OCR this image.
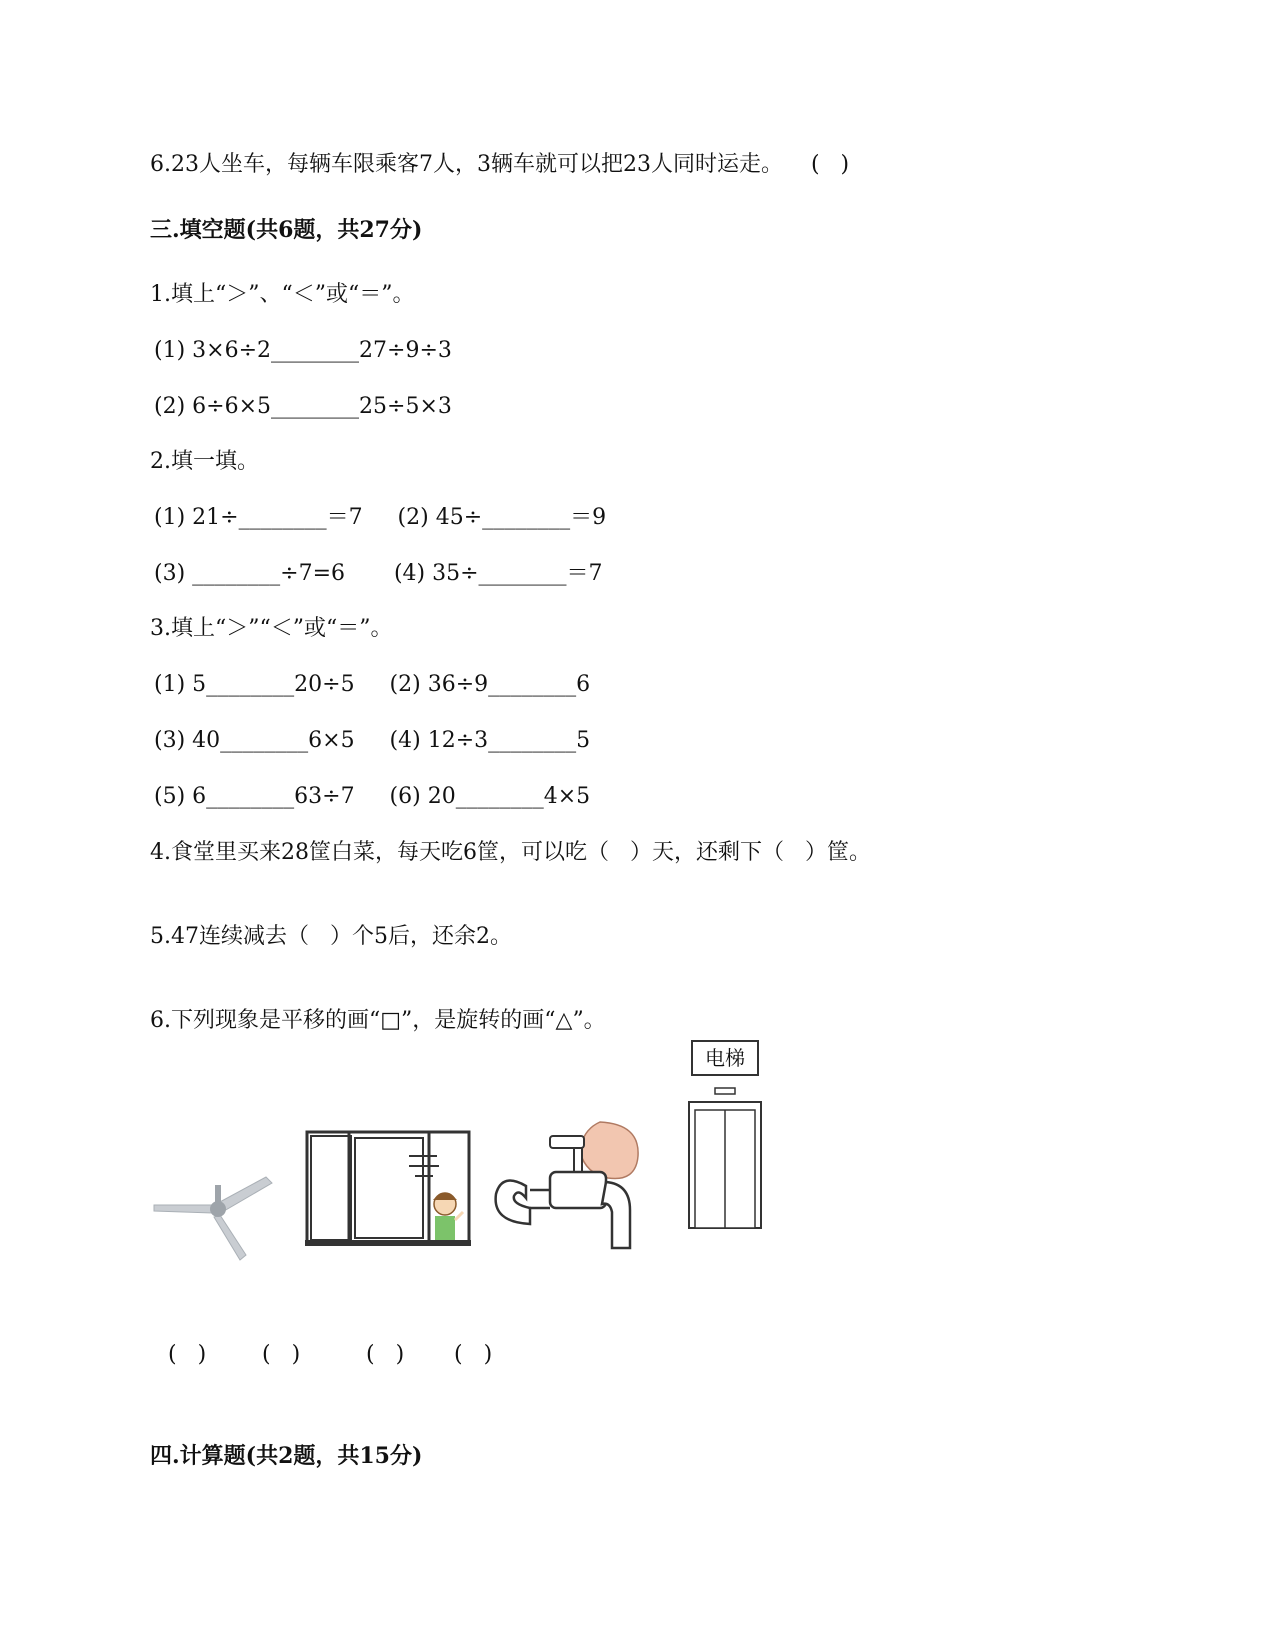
6.23人坐车，每辆车限乘客7人，3辆车就可以把23人同时运走。    (   )
三.填空题(共6题，共27分)
1.填上“＞”、“＜”或“＝”。
(1) 3×6÷2________27÷9÷3
(2) 6÷6×5________25÷5×3
2.填一填。
(1) 21÷________＝7     (2) 45÷________＝9
(3) ________÷7=6       (4) 35÷________＝7
3.填上“＞”“＜”或“＝”。
(1) 5________20÷5     (2) 36÷9________6
(3) 40________6×5     (4) 12÷3________5
(5) 6________63÷7     (6) 20________4×5
4.食堂里买来28筐白菜，每天吃6筐，可以吃（   ）天，还剩下（   ）筐。
5.47连续减去（   ）个5后，还余2。
6.下列现象是平移的画“□”，是旋转的画“△”。
电梯
(   )	(   )	(   ) (   )
四.计算题(共2题，共15分)
